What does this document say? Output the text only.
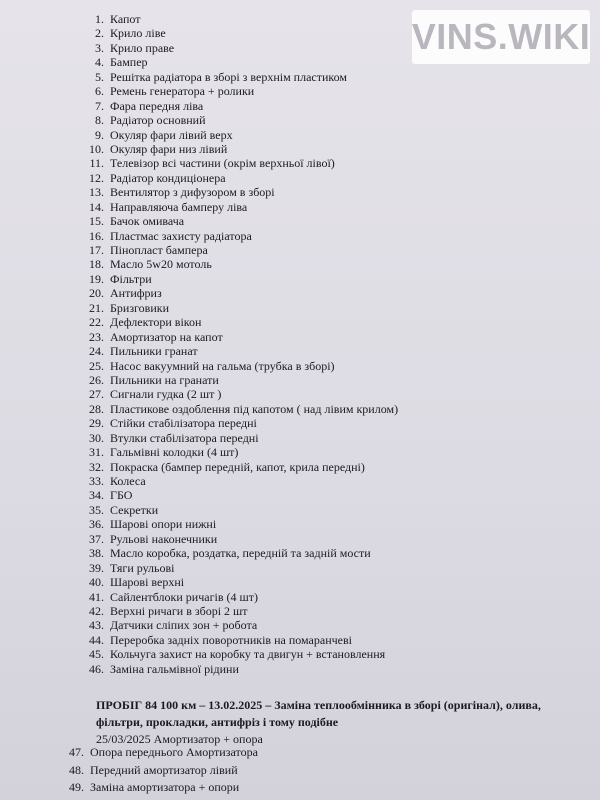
VINS.WIKI
1. Капот
2. Крило ліве
3. Крило праве
4. Бампер
5. Решітка радіатора в зборі з верхнім пластиком
6. Ремень генератора + ролики
7. Фара передня ліва
8. Радіатор основний
9. Окуляр фари лівий верх
10. Окуляр фари низ лівий
11. Телевізор всі частини (окрім верхньої лівої)
12. Радіатор кондиціонера
13. Вентилятор з дифузором в зборі
14. Направляюча бамперу ліва
15. Бачок омивача
16. Пластмас захисту радіатора
17. Пінопласт бампера
18. Масло 5w20 мотоль
19. Фільтри
20. Антифриз
21. Бризговики
22. Дефлектори вікон
23. Амортизатор на капот
24. Пильники гранат
25. Насос вакуумний на гальма (трубка в зборі)
26. Пильники на гранати
27. Сигнали гудка (2 шт )
28. Пластикове оздоблення під капотом ( над лівим крилом)
29. Стійки стабілізатора передні
30. Втулки стабілізатора передні
31. Гальмівні колодки (4 шт)
32. Покраска (бампер передній, капот, крила передні)
33. Колеса
34. ГБО
35. Секретки
36. Шарові опори нижні
37. Рульові наконечники
38. Масло коробка, роздатка, передній та задній мости
39. Тяги рульові
40. Шарові верхні
41. Сайлентблоки ричагів (4 шт)
42. Верхні ричаги в зборі 2 шт
43. Датчики сліпих зон + робота
44. Переробка задніх поворотників на помаранчеві
45. Кольчуга захист на коробку та двигун + встановлення
46. Заміна гальмівної рідини
ПРОБІГ 84 100 км – 13.02.2025 – Заміна теплообмінника в зборі (оригінал), олива,
фільтри, прокладки, антифріз і тому подібне
25/03/2025 Амортизатор + опора
47. Опора переднього Амортизатора
48. Передний амортизатор лівий
49. Заміна амортизатора + опори
